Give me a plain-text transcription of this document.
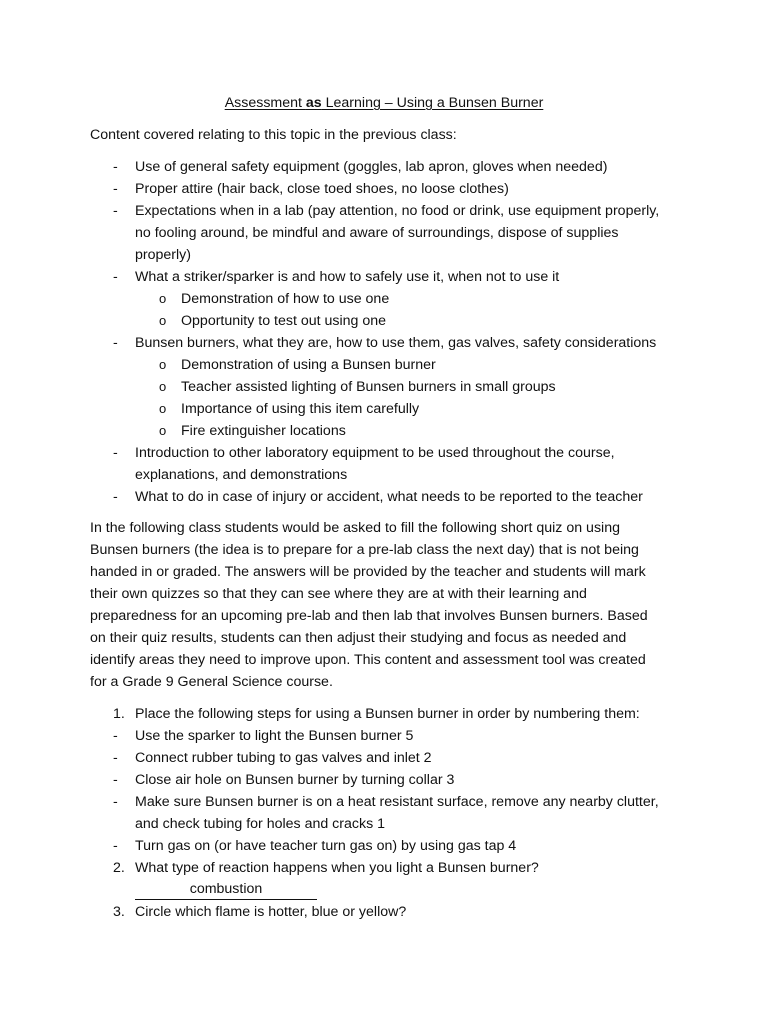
Assessment as Learning – Using a Bunsen Burner
Content covered relating to this topic in the previous class:
- Use of general safety equipment (goggles, lab apron, gloves when needed)
- Proper attire (hair back, close toed shoes, no loose clothes)
- Expectations when in a lab (pay attention, no food or drink, use equipment properly,
no fooling around, be mindful and aware of surroundings, dispose of supplies
properly)
- What a striker/sparker is and how to safely use it, when not to use it
o Demonstration of how to use one
o Opportunity to test out using one
- Bunsen burners, what they are, how to use them, gas valves, safety considerations
o Demonstration of using a Bunsen burner
o Teacher assisted lighting of Bunsen burners in small groups
o Importance of using this item carefully
o Fire extinguisher locations
- Introduction to other laboratory equipment to be used throughout the course,
explanations, and demonstrations
- What to do in case of injury or accident, what needs to be reported to the teacher
In the following class students would be asked to fill the following short quiz on using
Bunsen burners (the idea is to prepare for a pre-lab class the next day) that is not being
handed in or graded. The answers will be provided by the teacher and students will mark
their own quizzes so that they can see where they are at with their learning and
preparedness for an upcoming pre-lab and then lab that involves Bunsen burners. Based
on their quiz results, students can then adjust their studying and focus as needed and
identify areas they need to improve upon. This content and assessment tool was created
for a Grade 9 General Science course.
1. Place the following steps for using a Bunsen burner in order by numbering them:
- Use the sparker to light the Bunsen burner 5
- Connect rubber tubing to gas valves and inlet 2
- Close air hole on Bunsen burner by turning collar 3
- Make sure Bunsen burner is on a heat resistant surface, remove any nearby clutter,
and check tubing for holes and cracks 1
- Turn gas on (or have teacher turn gas on) by using gas tap 4
2. What type of reaction happens when you light a Bunsen burner?
combustion
3. Circle which flame is hotter, blue or yellow?
